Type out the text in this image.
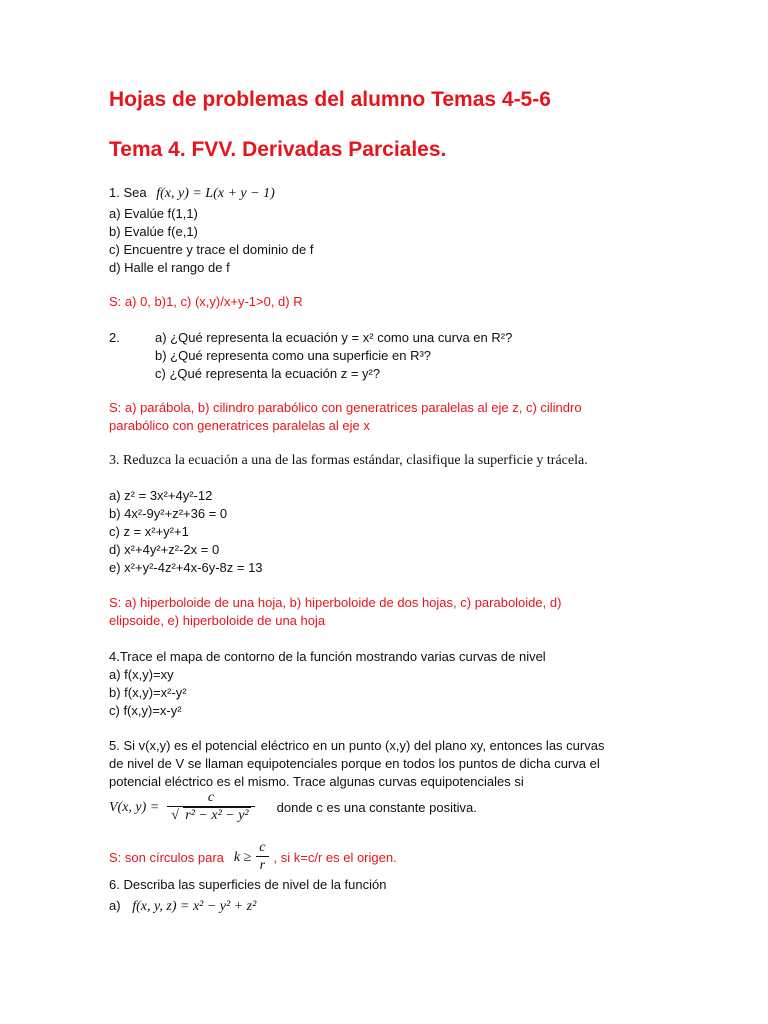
Hojas de problemas del alumno Temas 4-5-6
Tema 4. FVV. Derivadas Parciales.
1. Sea f(x, y) = L(x + y − 1)
a) Evalúe f(1,1)
b) Evalúe f(e,1)
c) Encuentre y trace el dominio de f
d) Halle el rango de f
S: a) 0, b)1, c) (x,y)/x+y-1>0, d) R
2.	a) ¿Qué representa la ecuación y = x² como una curva en R²?
b) ¿Qué representa como una superficie en R³?
c) ¿Qué representa la ecuación z = y²?
S: a) parábola, b) cilindro parabólico con generatrices paralelas al eje z, c) cilindro
parabólico con generatrices paralelas al eje x
3. Reduzca la ecuación a una de las formas estándar, clasifique la superficie y trácela.
a) z² = 3x²+4y²-12
b) 4x²-9y²+z²+36 = 0
c) z = x²+y²+1
d) x²+4y²+z²-2x = 0
e) x²+y²-4z²+4x-6y-8z = 13
S: a) hiperboloide de una hoja, b) hiperboloide de dos hojas, c) paraboloide, d)
elipsoide, e) hiperboloide de una hoja
4.Trace el mapa de contorno de la función mostrando varias curvas de nivel
a) f(x,y)=xy
b) f(x,y)=x²-y²
c) f(x,y)=x-y²
5. Si v(x,y) es el potencial eléctrico en un punto (x,y) del plano xy, entonces las curvas
de nivel de V se llaman equipotenciales porque en todos los puntos de dicha curva el
potencial eléctrico es el mismo. Trace algunas curvas equipotenciales si
V(x, y) = c
√ r² − x² − y² donde c es una constante positiva.
S: son círculos para $k \ge \frac{c}{r}$ , si k=c/r es el origen.
6. Describa las superficies de nivel de la función
a) f(x, y, z) = x² − y² + z²
